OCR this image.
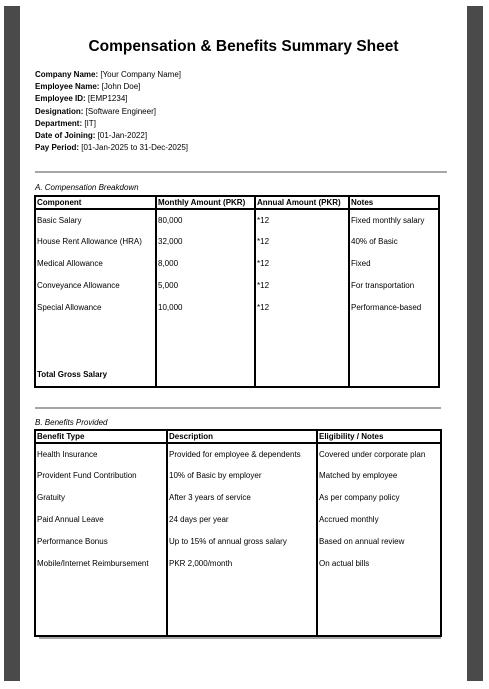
Compensation & Benefits Summary Sheet
Company Name: [Your Company Name]
Employee Name: [John Doe]
Employee ID: [EMP1234]
Designation: [Software Engineer]
Department: [IT]
Date of Joining: [01-Jan-2022]
Pay Period: [01-Jan-2025 to 31-Dec-2025]
A. Compensation Breakdown
Component	Monthly Amount (PKR)	Annual Amount (PKR)	Notes
Basic Salary	80,000	*12	Fixed monthly salary
House Rent Allowance (HRA)	32,000	*12	40% of Basic
Medical Allowance	8,000	*12	Fixed
Conveyance Allowance	5,000	*12	For transportation
Special Allowance	10,000	*12	Performance-based

Total Gross Salary			
B. Benefits Provided
Benefit Type	Description	Eligibility / Notes
Health Insurance	Provided for employee & dependents	Covered under corporate plan
Provident Fund Contribution	10% of Basic by employer	Matched by employee
Gratuity	After 3 years of service	As per company policy
Paid Annual Leave	24 days per year	Accrued monthly
Performance Bonus	Up to 15% of annual gross salary	Based on annual review
Mobile/Internet Reimbursement	PKR 2,000/month	On actual bills
